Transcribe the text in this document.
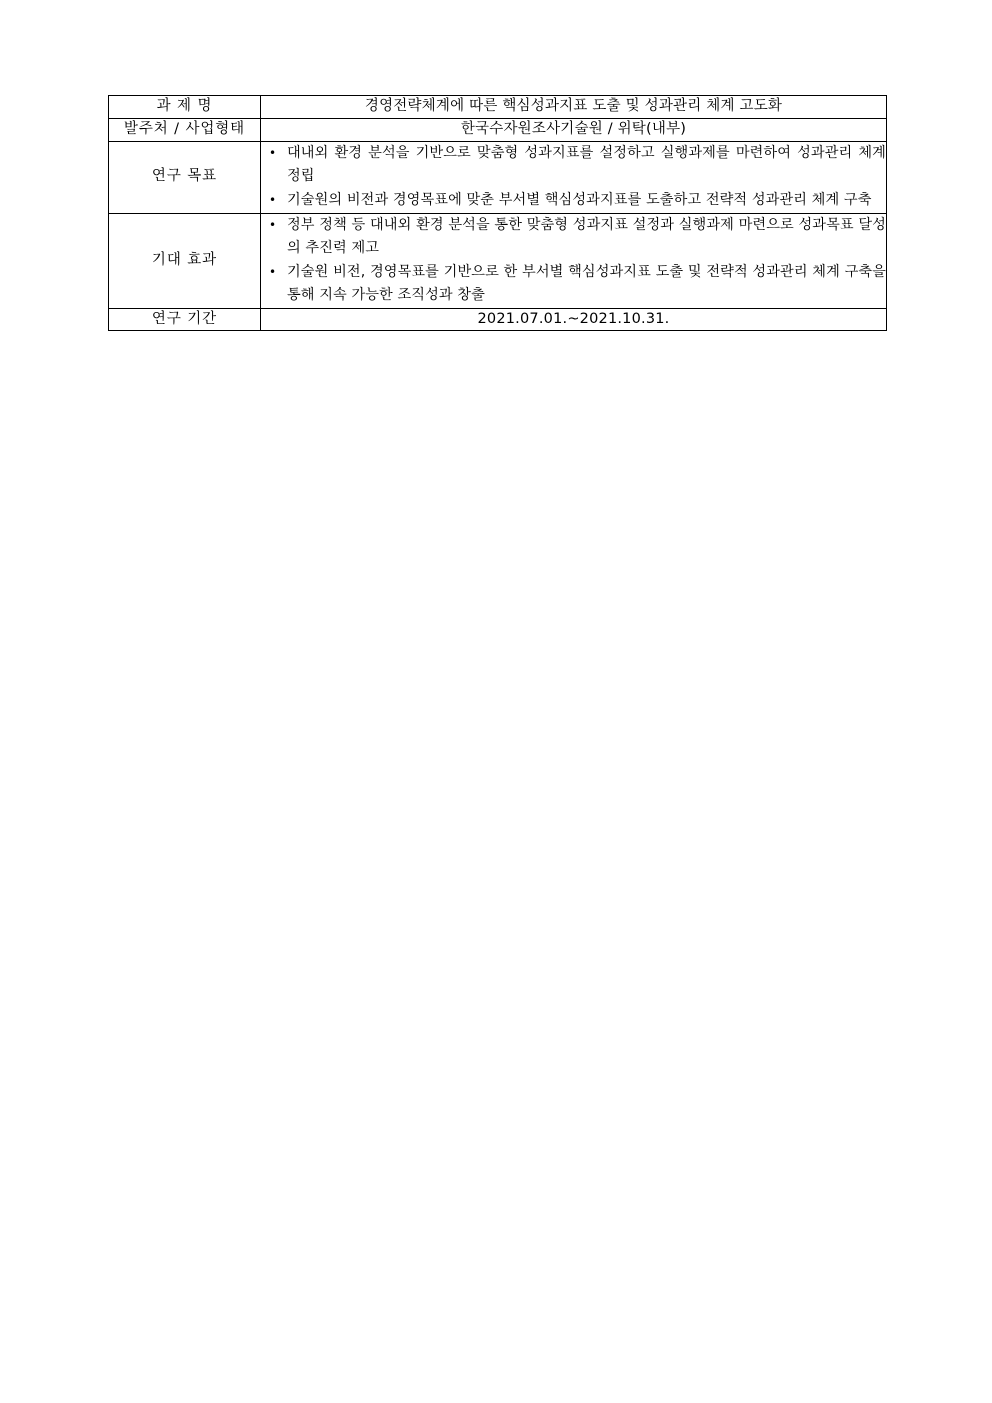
과 제 명	경영전략체계에 따른 핵심성과지표 도출 및 성과관리 체계 고도화
발주처 / 사업형태	한국수자원조사기술원 / 위탁(내부)
연구 목표	
• 대내외 환경 분석을 기반으로 맞춤형 성과지표를 설정하고 실행과제를 마련하여 성과관리 체계 정립
• 기술원의 비전과 경영목표에 맞춘 부서별 핵심성과지표를 도출하고 전략적 성과관리 체계 구축

기대 효과	
• 정부 정책 등 대내외 환경 분석을 통한 맞춤형 성과지표 설정과 실행과제 마련으로 성과목표 달성의 추진력 제고
• 기술원 비전, 경영목표를 기반으로 한 부서별 핵심성과지표 도출 및 전략적 성과관리 체계 구축을 통해 지속 가능한 조직성과 창출

연구 기간	2021.07.01.~2021.10.31.
